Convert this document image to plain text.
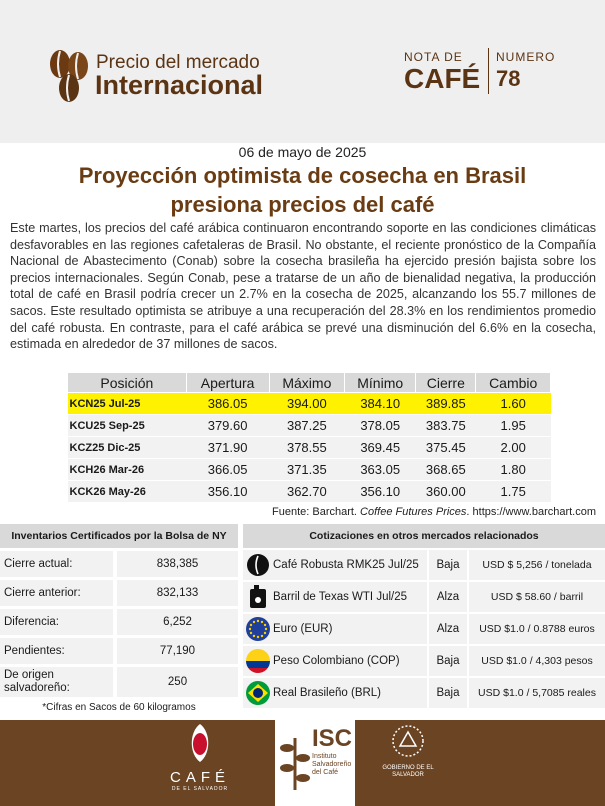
Precio del mercado
Internacional
NOTA DE
CAFÉ
NUMERO
78
06 de mayo de 2025
Proyección optimista de cosecha en Brasil
presiona precios del café
Este martes, los precios del café arábica continuaron encontrando soporte en las condiciones climáticas desfavorables en las regiones cafetaleras de Brasil. No obstante, el reciente pronóstico de la Compañía Nacional de Abastecimento (Conab) sobre la cosecha brasileña ha ejercido presión bajista sobre los precios internacionales. Según Conab, pese a tratarse de un año de bienalidad negativa, la producción total de café en Brasil podría crecer un 2.7% en la cosecha de 2025, alcanzando los 55.7 millones de sacos. Este resultado optimista se atribuye a una recuperación del 28.3% en los rendimientos promedio del café robusta. En contraste, para el café arábica se prevé una disminución del 6.6% en la cosecha, estimada en alrededor de 37 millones de sacos.
Posición	Apertura	Máximo	Mínimo	Cierre	Cambio
KCN25 Jul-25	386.05	394.00	384.10	389.85	1.60
KCU25 Sep-25	379.60	387.25	378.05	383.75	1.95
KCZ25 Dic-25	371.90	378.55	369.45	375.45	2.00
KCH26 Mar-26	366.05	371.35	363.05	368.65	1.80
KCK26 May-26	356.10	362.70	356.10	360.00	1.75
Fuente: Barchart. Coffee Futures Prices. https://www.barchart.com
Inventarios Certificados por la Bolsa de NY
Cierre actual:	838,385
Cierre anterior:	832,133
Diferencia:	6,252
Pendientes:	77,190
De origen salvadoreño:	250
*Cifras en Sacos de 60 kilogramos
Cotizaciones en otros mercados relacionados
Café Robusta RMK25 Jul/25	Baja	USD $ 5,256 / tonelada
Barril de Texas WTI Jul/25	Alza	USD $ 58.60 / barril
Euro (EUR)	Alza	USD $1.0 / 0.8788 euros
Peso Colombiano (COP)	Baja	USD $1.0 / 4,303 pesos
Real Brasileño (BRL)	Baja	USD $1.0 / 5,7085 reales
CAFÉ
DE EL SALVADOR
ISC
Instituto Salvadoreño del Café
GOBIERNO DE EL SALVADOR
